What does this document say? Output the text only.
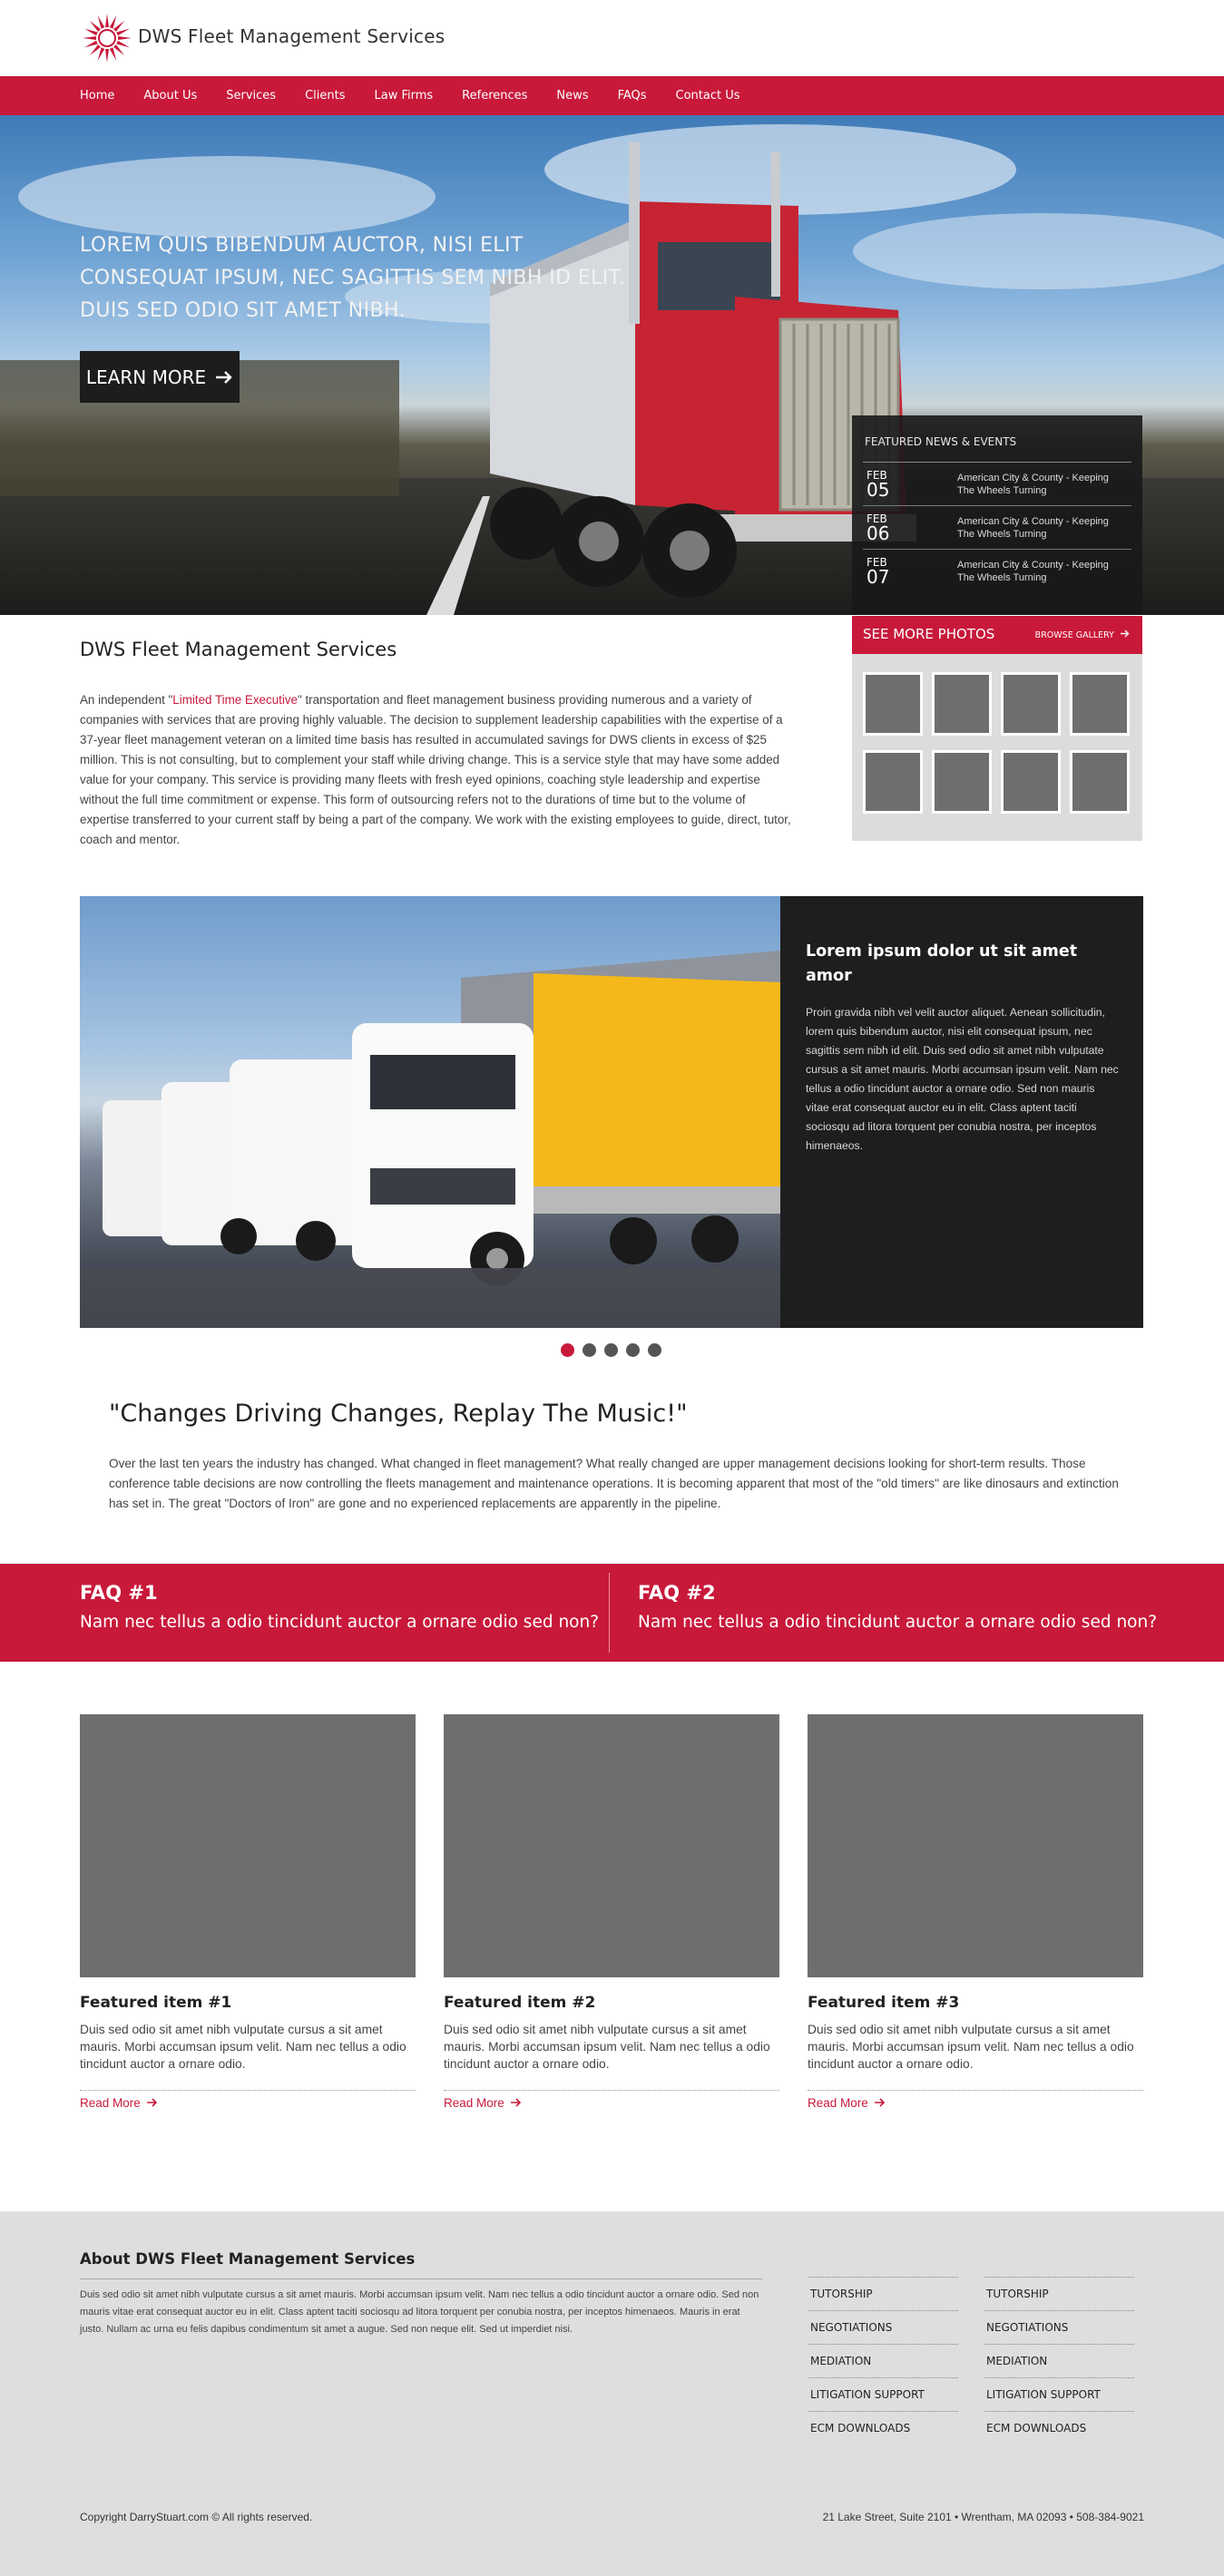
DWS Fleet Management Services
Home	About Us	Services	Clients	Law Firms	References	News	FAQs	Contact Us
LOREM QUIS BIBENDUM AUCTOR, NISI ELIT CONSEQUAT IPSUM, NEC SAGITTIS SEM NIBH ID ELIT. DUIS SED ODIO SIT AMET NIBH.
LEARN MORE
FEATURED NEWS & EVENTS
FEB
05
American City & County - Keeping The Wheels Turning
FEB
06
American City & County - Keeping The Wheels Turning
FEB
07
American City & County - Keeping The Wheels Turning
SEE MORE PHOTOS	BROWSE GALLERY
DWS Fleet Management Services
An independent "Limited Time Executive" transportation and fleet management business providing numerous and a variety of companies with services that are proving highly valuable. The decision to supplement leadership capabilities with the expertise of a 37-year fleet management veteran on a limited time basis has resulted in accumulated savings for DWS clients in excess of $25 million. This is not consulting, but to complement your staff while driving change. This is a service style that may have some added value for your company. This service is providing many fleets with fresh eyed opinions, coaching style leadership and expertise without the full time commitment or expense. This form of outsourcing refers not to the durations of time but to the volume of expertise transferred to your current staff by being a part of the company. We work with the existing employees to guide, direct, tutor, coach and mentor.
Lorem ipsum dolor ut sit amet amor
Proin gravida nibh vel velit auctor aliquet. Aenean sollicitudin, lorem quis bibendum auctor, nisi elit consequat ipsum, nec sagittis sem nibh id elit. Duis sed odio sit amet nibh vulputate cursus a sit amet mauris. Morbi accumsan ipsum velit. Nam nec tellus a odio tincidunt auctor a ornare odio. Sed non mauris vitae erat consequat auctor eu in elit. Class aptent taciti sociosqu ad litora torquent per conubia nostra, per inceptos himenaeos.
"Changes Driving Changes, Replay The Music!"
Over the last ten years the industry has changed. What changed in fleet management? What really changed are upper management decisions looking for short-term results. Those conference table decisions are now controlling the fleets management and maintenance operations. It is becoming apparent that most of the "old timers" are like dinosaurs and extinction has set in. The great "Doctors of Iron" are gone and no experienced replacements are apparently in the pipeline.
FAQ #1
Nam nec tellus a odio tincidunt auctor a ornare odio sed non?
FAQ #2
Nam nec tellus a odio tincidunt auctor a ornare odio sed non?
Featured item #1
Duis sed odio sit amet nibh vulputate cursus a sit amet mauris. Morbi accumsan ipsum velit. Nam nec tellus a odio tincidunt auctor a ornare odio.
Read More
Featured item #2
Duis sed odio sit amet nibh vulputate cursus a sit amet mauris. Morbi accumsan ipsum velit. Nam nec tellus a odio tincidunt auctor a ornare odio.
Read More
Featured item #3
Duis sed odio sit amet nibh vulputate cursus a sit amet mauris. Morbi accumsan ipsum velit. Nam nec tellus a odio tincidunt auctor a ornare odio.
Read More
About DWS Fleet Management Services
Duis sed odio sit amet nibh vulputate cursus a sit amet mauris. Morbi accumsan ipsum velit. Nam nec tellus a odio tincidunt auctor a ornare odio. Sed non mauris vitae erat consequat auctor eu in elit. Class aptent taciti sociosqu ad litora torquent per conubia nostra, per inceptos himenaeos. Mauris in erat justo. Nullam ac urna eu felis dapibus condimentum sit amet a augue. Sed non neque elit. Sed ut imperdiet nisi.
TUTORSHIP
NEGOTIATIONS
MEDIATION
LITIGATION SUPPORT
ECM DOWNLOADS
TUTORSHIP
NEGOTIATIONS
MEDIATION
LITIGATION SUPPORT
ECM DOWNLOADS
Copyright DarryStuart.com © All rights reserved.	21 Lake Street, Suite 2101 • Wrentham, MA 02093 • 508-384-9021
